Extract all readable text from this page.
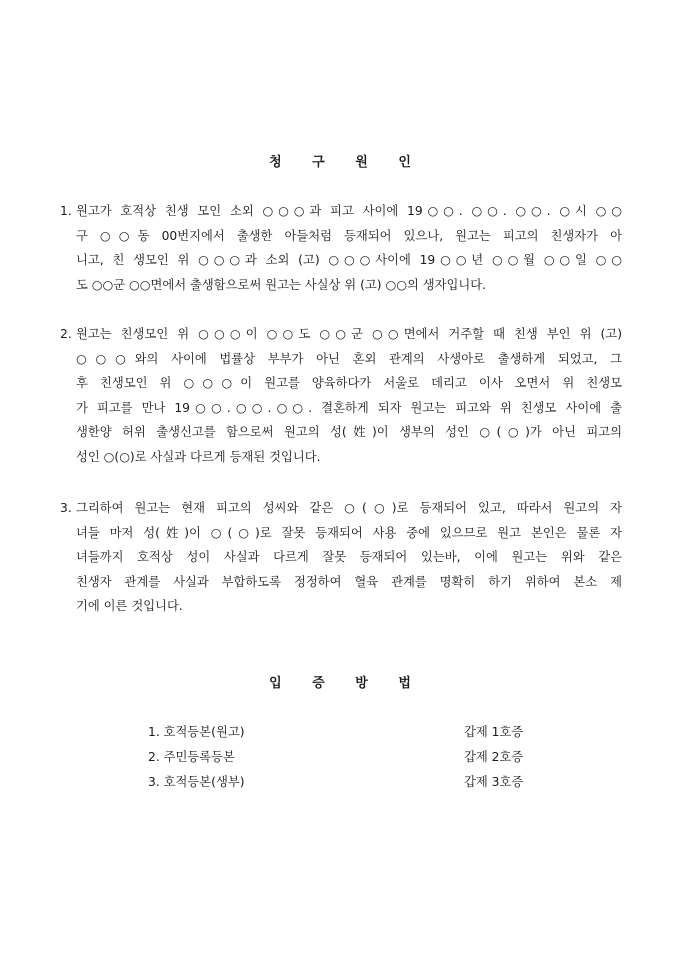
청 구 원 인
1. 원고가 호적상 친생 모인 소외 ○○○과 피고 사이에 19○○. ○○. ○○. ○시 ○○
구 ○○동 00번지에서 출생한 아들처럼 등재되어 있으나, 원고는 피고의 친생자가 아
니고, 친 생모인 위 ○○○과 소외 (고) ○○○사이에 19○○년 ○○월 ○○일 ○○
도 ○○군 ○○면에서 출생함으로써 원고는 사실상 위 (고) ○○의 생자입니다.
2. 원고는 친생모인 위 ○○○이 ○○도 ○○군 ○○면에서 거주할 때 친생 부인 위 (고)
○○○와의 사이에 법률상 부부가 아닌 혼외 관계의 사생아로 출생하게 되었고, 그
후 친생모인 위 ○○○이 원고를 양육하다가 서울로 데리고 이사 오면서 위 친생모
가 피고를 만나 19○○.○○.○○. 결혼하게 되자 원고는 피고와 위 친생모 사이에 출
생한양 허위 출생신고를 함으로써 원고의 성(姓)이 생부의 성인 ○(○)가 아닌 피고의
성인 ○(○)로 사실과 다르게 등재된 것입니다.
3. 그리하여 원고는 현재 피고의 성씨와 같은 ○(○)로 등재되어 있고, 따라서 원고의 자
녀들 마저 성(姓)이 ○(○)로 잘못 등재되어 사용 중에 있으므로 원고 본인은 물론 자
녀들까지 호적상 성이 사실과 다르게 잘못 등재되어 있는바, 이에 원고는 위와 같은
친생자 관계를 사실과 부합하도록 정정하여 혈육 관계를 명확히 하기 위하여 본소 제
기에 이른 것입니다.
입 증 방 법
1. 호적등본(원고)	갑제 1호증
2. 주민등록등본	갑제 2호증
3. 호적등본(생부)	갑제 3호증
